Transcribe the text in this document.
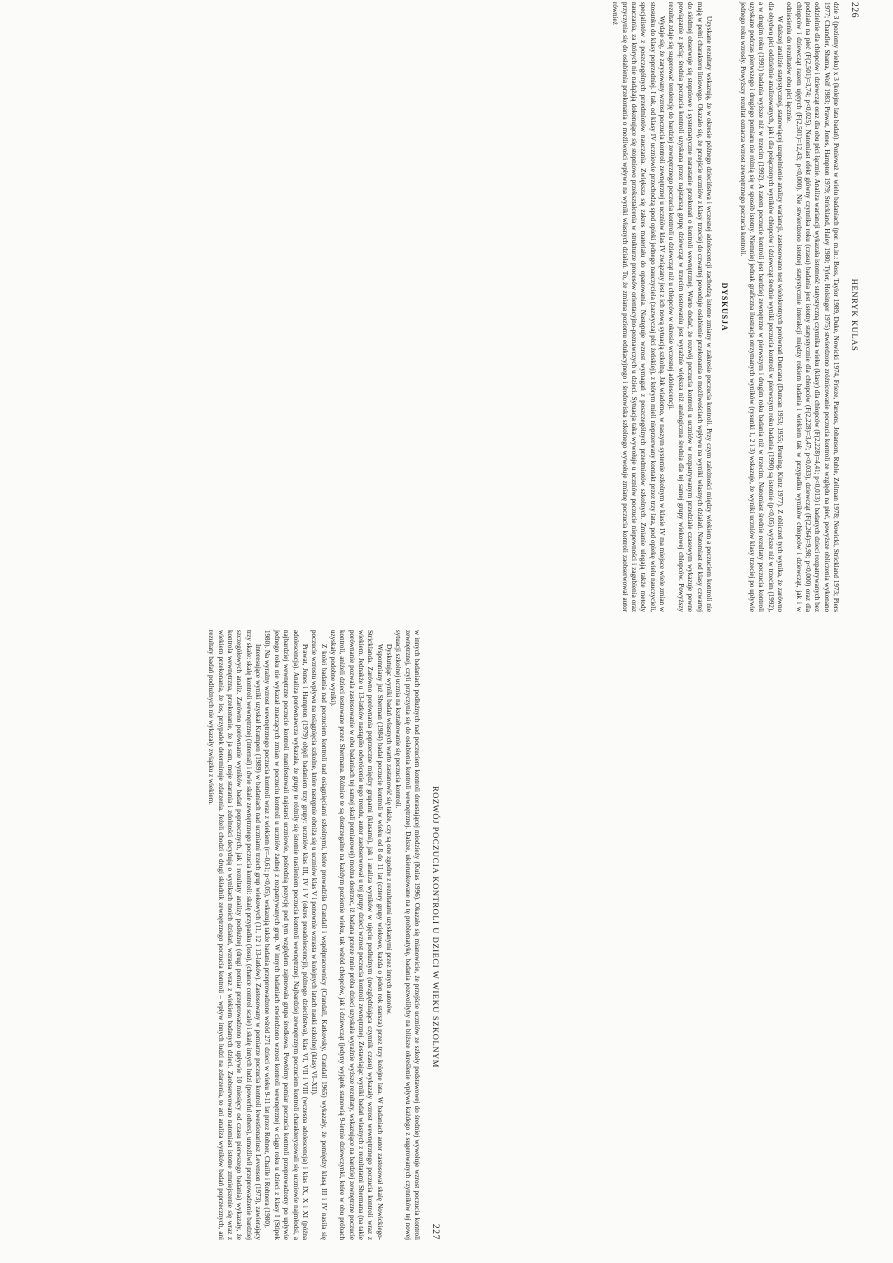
226
HENRYK KULAS

dzie 3 (poziomy wieku) x 3 (kolejne lata badań). Ponieważ w wielu badaniach (por. m.in.: Boss, Taylor 1989, Duke, Nowicki 1974, Frieze, Parsons, Johanson, Ruble, Zellman 1978; Nowicki, Strickland 1973; Piers 1977; Chandler, Shama, Wolf 1983; Prawat, Jones, Hampton 1979; Strickland, Haley 1980; Tyler, Holsinger 1975) stwierdzono zróżnicowanie poczucia kontroli ze względu na płeć, powyższe obliczenia wykonano oddzielnie dla chłopców i dziewcząt oraz dla obu płci łącznie. Analiza wariancji wykazała istotność statystyczną czynnika wieku (klasy) dla chłopców (F(2,228)=4,41; p<0,013) i badanych dzieci rozpatrywanych bez podziału na płeć (F(2,501)=3,74; p<0,025). Natomiast efekt główny czynnika roku (czasu) badania jest istotny statystycznie dla chłopców (F(2,228)=3,47; p<0,033), dziewcząt (F(2,264)=9,98; p<0,000) oraz dla chłopców i dziewcząt razem ujętych (F(2,501)=12,43; p<0,000). Nie stwierdzono istotnej statystycznie interakcji między rokiem badania i wiekiem tak w przypadku wyników chłopców i dziewcząt, jak i w odniesieniu do rezultatów obu płci łącznie.

W dalszej analizie statystycznej, stanowiącej uzupełnienie analizy wariancji, zastosowano test wielokrotnych porównań Duncana (Duncan 1953; 1955; Bruning, Kintz 1977). Z obliczeń tych wynika, że zarówno dla obydwu płci oddzielnie analizowanych, jak i dla połączonych wyników chłopców i dziewcząt średnie wyniki poczucia kontroli w pierwszym roku badania (1990) są istotnie (p<0,05) wyższe niż w trzecim (1992), a w drugim roku (1991) badania wyższe niż w trzecim (1992). A zatem poczucie kontroli jest bardziej zewnętrzne w pierwszym i drugim roku badania niż w trzecim. Natomiast średnie rezultaty poczucia kontroli uzyskane podczas pierwszego i drugiego pomiaru nie różnią się w sposób istotny. Niemniej jednak graficzna ilustracja otrzymanych wyników (rysunki 1, 2 i 3) wskazuje, że wyniki uczniów klasy trzeciej po upływie jednego roku wzrosły. Powyższy rezultat oznacza wzrost zewnętrznego poczucia kontroli.

DYSKUSJA

Uzyskane rezultaty wskazują, że w okresie późnego dzieciństwa i wczesnej adolescencji zachodzą istotne zmiany w zakresie poczucia kontroli. Przy czym zależności między wiekiem a poczuciem kontroli nie mają w pełni charakteru liniowego. Okazało się, że przejście uczniów z klasy trzeciej do czwartej powoduje osłabienie przekonania o możliwościach wpływu na wyniki własnych działań. Natomiast od klasy czwartej do siódmej obserwuje się stopniowe i systematyczne narastanie przekonań o kontroli wewnętrznej. Warto dodać, że rozwój poczucia kontroli u uczniów w rozpatrywanym przedziale czasowym wykazuje pewne powiązanie z płcią: średnia poczucia kontroli uzyskana przez najstarszą grupę dziewcząt w trzecim testowaniu jest wyraźnie większa niż analogiczna średnia dla tej samej grupy wiekowej chłopców. Powyższy rezultat zdaje się sugerować tendencję do bardziej zewnętrznego poczucia kontroli u dziewcząt niż u chłopców w okresie wczesnej adolescencji.

Wydaje się, że zarysowany wzrost poczucia kontroli zewnętrznej u uczniów klas IV związany jest z ich nową sytuacją szkolną. Jak wiadomo, w naszym systemie szkolnym w klasie IV ma miejsce wiele zmian w stosunku do klasy poprzedniej. I tak, od klasy IV uczniowie przechodzą spod opieki jednego nauczyciela (zazwyczaj płci żeńskiej), z którym mieli nieprzerwany kontakt przez trzy lata, pod opiekę wielu nauczycieli, specjalistów z poszczególnych przedmiotów nauczania. Zwiększa się zakres materiału do opanowania. Następuje wzrost wymagań z poszczególnych przedmiotów szkolnych. Zmianie ulegają także metody nauczania, za których nie nadążają dokonujące się stopniowo przekształcenia w strukturze procesów orientacyjno-poznawczych u dzieci. Sytuacja taka wywołuje u uczniów poczucie niepewności i zagubienia oraz przyczynia się do osłabienia przekonania o możliwości wpływu na wyniki własnych działań. To, że zmiana poziomu edukacyjnego i środowiska szkolnego wywołuje zmianę poczucia kontroli zaobserwował autor również

ROZWÓJ POCZUCIA KONTROLI U DZIECI W WIEKU SZKOLNYM
227

w innych badaniach podłużnych nad poczuciem kontroli dorastającej młodzieży (Kulas 1996). Okazało się mianowicie, że przejście uczniów ze szkoły podstawowej do średniej wywołuje wzrost poczucia kontroli zewnętrznej, czyli przyczynia się do osłabienia kontroli wewnętrznej. Dalsze, ukierunkowane na tę problematykę, badania pozwoliłyby na bliższe określenie wpływu każdego z sugerowanych czynników tej nowej sytuacji szkolnej ucznia na kształtowanie się poczucia kontroli.

Dyskutując wyniki badań własnych warto zastanowić się także, czy są one zgodne z rezultatami uzyskanymi przez innych autorów.

Wspomniany już Sherman (1984) badał poczucie kontroli w wieku od 8 do 11 lat (cztery grupy wiekowe, każda o jeden rok starsza) przez trzy kolejne lata. W badaniach autor zastosował skalę Nowickiego-Stricklanda. Zarówno porównania poprzeczne między grupami (klasami), jak i analiza wyników w ujęciu podłużnym (uwzględniająca czynnik czasu) wykazały wzrost wewnętrznego poczucia kontroli wraz z wiekiem. Jednakże u 13-latków nastąpiło odwrócenie tego trendu, autor zaobserwował u tej grupy dzieci wzrost poczucia kontroli zewnętrznej. Zestawiając wyniki badań własnych z rezultatami Shermana (na takie porównanie pozwala zastosowanie w obu badaniach tej samej skali pomiarowej) można dostrzec, iż badana przeze mnie próba dzieci uzyskała wyraźnie wyższe rezultaty, wskazujące na bardziej zewnętrzne poczucie kontroli, aniżeli dzieci testowane przez Shermana. Różnice te są dostrzegalne na każdym poziomie wieku, tak wśród chłopców, jak i dziewcząt (jedyny wyjątek stanowią 9-letnie dziewczynki, które w obu próbach uzyskały podobne wyniki).

Z kolei badania nad poczuciem kontroli nad osiągnięciami szkolnymi, które prowadziła Crandall i współpracownicy (Crandall, Katkovsky, Crandall 1965) wykazały, że pomiędzy klasą III i IV nasila się poczucie wzrostu wpływu na osiągnięcia szkolne, które następnie obniża się u uczniów klas V i ponownie wzrasta w kolejnych latach nauki szkolnej (klasy VI–XII).

Prawat, Jones i Hampton (1979) objęli badaniem trzy grupy: uczniów klas III, IV i V (okres preadolescencji), późnego dzieciństwa), klas VI, VII i VIII (wczesna adolescencja) i klas IX, X i XI (późna adolescencja). Analiza porównawcza wykazała, że grupy te różniły się istotnie nasileniem poczucia kontroli wewnętrznej. Najbardziej zewnętrznym poczuciem kontroli charakteryzowali się uczniowie najmłodsi, a najbardziej wewnętrzne poczucie kontroli manifestowali najstarsi uczniowie, pośrednią pozycję pod tym względem zajmowała grupa środkowa. Powtórny pomiar poczucia kontroli przeprowadzony po upływie jednego roku nie wykazał znaczących zmian w poczuciu kontroli u uczniów żadnej z rozpatrywanych grup. W innych badaniach stwierdzono wzrost kontroli wewnętrznej w ciągu roku u dzieci z klasy I (Stipek 1980). Na wyraźny wzrost wewnętrznego poczucia kontroli wraz z wiekiem (r=-0,61; p<0,05), wskazują także badania przeprowadzone wśród 271 dzieci w wieku 9-11 lat przez Rohner, Chaille i Rohnera (1980).

Interesujące wyniki uzyskał Krampen (1989) w badaniach nad uczniami trzech grup wiekowych (11, 12 i 13-latków). Zastosowany w pomiarze poczucia kontroli kwestionariusz Levenson (1973), zawierający trzy skale: skalę kontroli wewnętrznej (internal) i dwie skale zewnętrznego poczucia kontroli: skalę przypadku (losu), (chance control scale) i skalę innych ludzi (powerful others), umożliwił przeprowadzenie bardziej szczegółowych analiz. Zarówno porównanie wyników badań poprzecznych, jak i rezultaty analizy podłużnej (drugi pomiar przeprowadzono po upływie 10 miesięcy od czasu pierwszego badania) wykazały, że kontrola wewnętrzna, przekonanie, że ja sam, moje starania i zdolności decydują o wynikach moich działań, wzrasta wraz z wiekiem badanych dzieci. Zaobserwowano natomiast istotne zmniejszenie się wraz z wiekiem przekonania, że los, przypadek determinuje zdarzenia. Jeżeli chodzi o drugi składnik zewnętrznego poczucia kontroli – wpływ innych ludzi na zdarzenia, to ani analiza wyników badań poprzecznych, ani rezultaty badań podłużnych nie wykazały związku z wiekiem.
